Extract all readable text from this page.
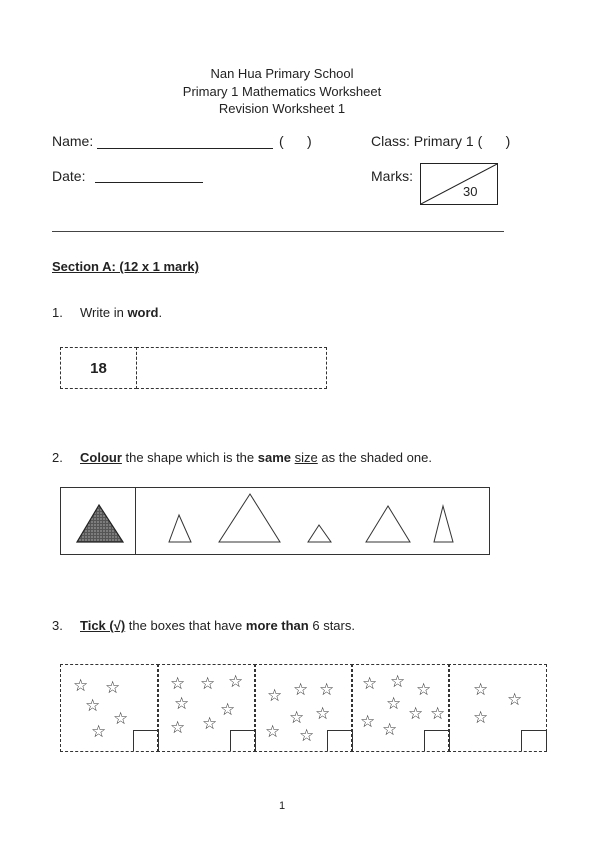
Nan Hua Primary School
Primary 1 Mathematics Worksheet
Revision Worksheet 1
Name:	(      )	Class: Primary 1 (      )
Date:	Marks:
30
Section A: (12 x 1 mark)
1. Write in word.
18
2. Colour the shape which is the same size as the shaded one.
3. Tick (√) the boxes that have more than 6 stars.
☆ ☆
☆
☆
☆
☆ ☆ ☆
☆ ☆
☆
☆
☆ ☆ ☆
☆ ☆
☆ ☆
☆ ☆ ☆
☆
☆ ☆
☆ ☆
☆
☆
☆
1
